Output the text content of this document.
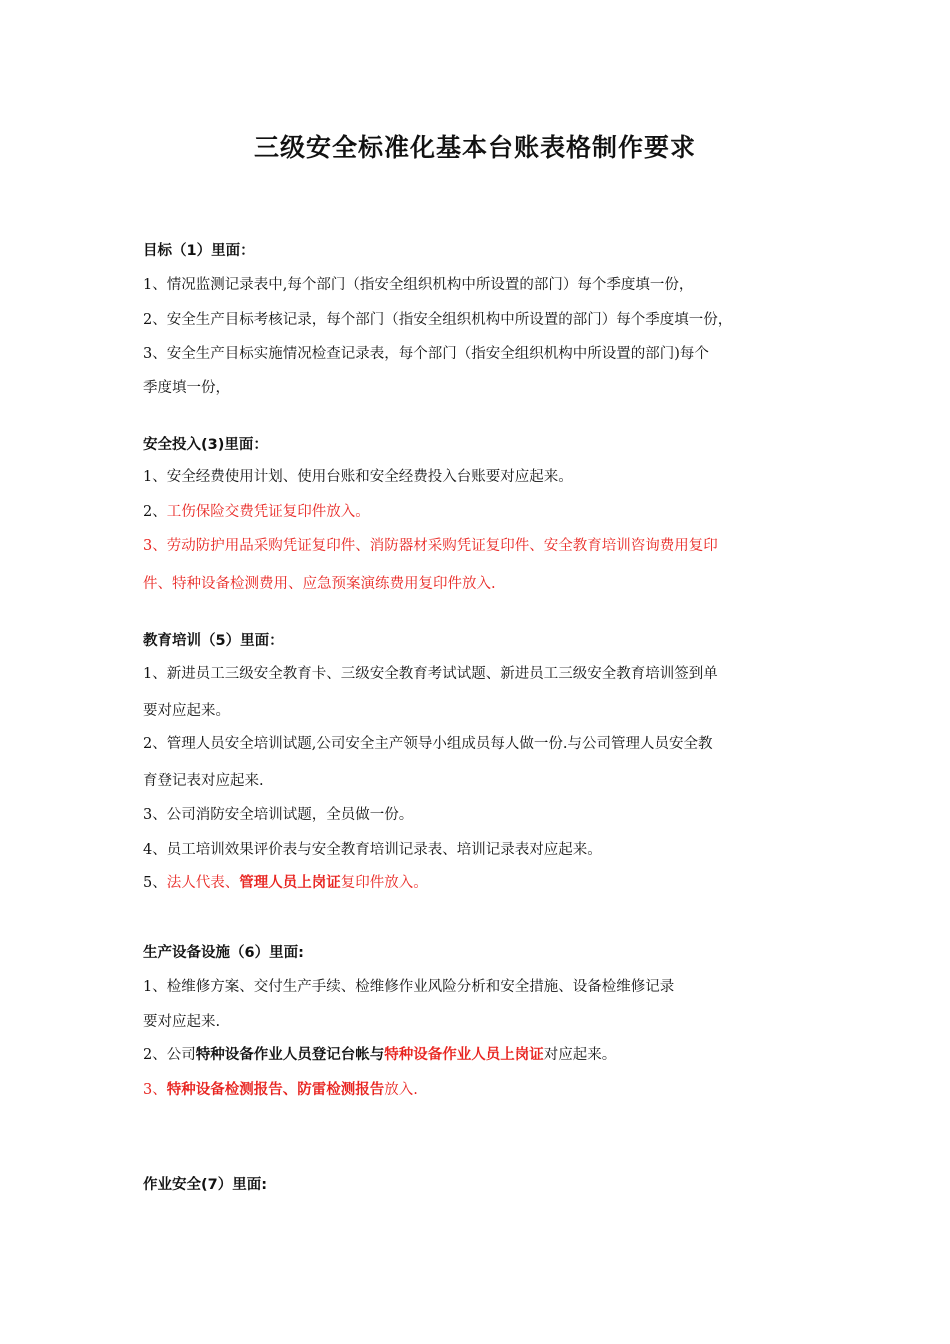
三级安全标准化基本台账表格制作要求
目标（1）里面：
1、情况监测记录表中,每个部门（指安全组织机构中所设置的部门）每个季度填一份，
2、安全生产目标考核记录，每个部门（指安全组织机构中所设置的部门）每个季度填一份，
3、安全生产目标实施情况检查记录表，每个部门（指安全组织机构中所设置的部门)每个
季度填一份，
安全投入(3)里面：
1、安全经费使用计划、使用台账和安全经费投入台账要对应起来。
2、工伤保险交费凭证复印件放入。
3、劳动防护用品采购凭证复印件、消防器材采购凭证复印件、安全教育培训咨询费用复印
件、特种设备检测费用、应急预案演练费用复印件放入.
教育培训（5）里面：
1、新进员工三级安全教育卡、三级安全教育考试试题、新进员工三级安全教育培训签到单
要对应起来。
2、管理人员安全培训试题,公司安全主产领导小组成员每人做一份.与公司管理人员安全教
育登记表对应起来.
3、公司消防安全培训试题，全员做一份。
4、员工培训效果评价表与安全教育培训记录表、培训记录表对应起来。
5、法人代表、管理人员上岗证复印件放入。
生产设备设施（6）里面:
1、检维修方案、交付生产手续、检维修作业风险分析和安全措施、设备检维修记录
要对应起来.
2、公司特种设备作业人员登记台帐与特种设备作业人员上岗证对应起来。
3、特种设备检测报告、防雷检测报告放入.
作业安全(7）里面:
